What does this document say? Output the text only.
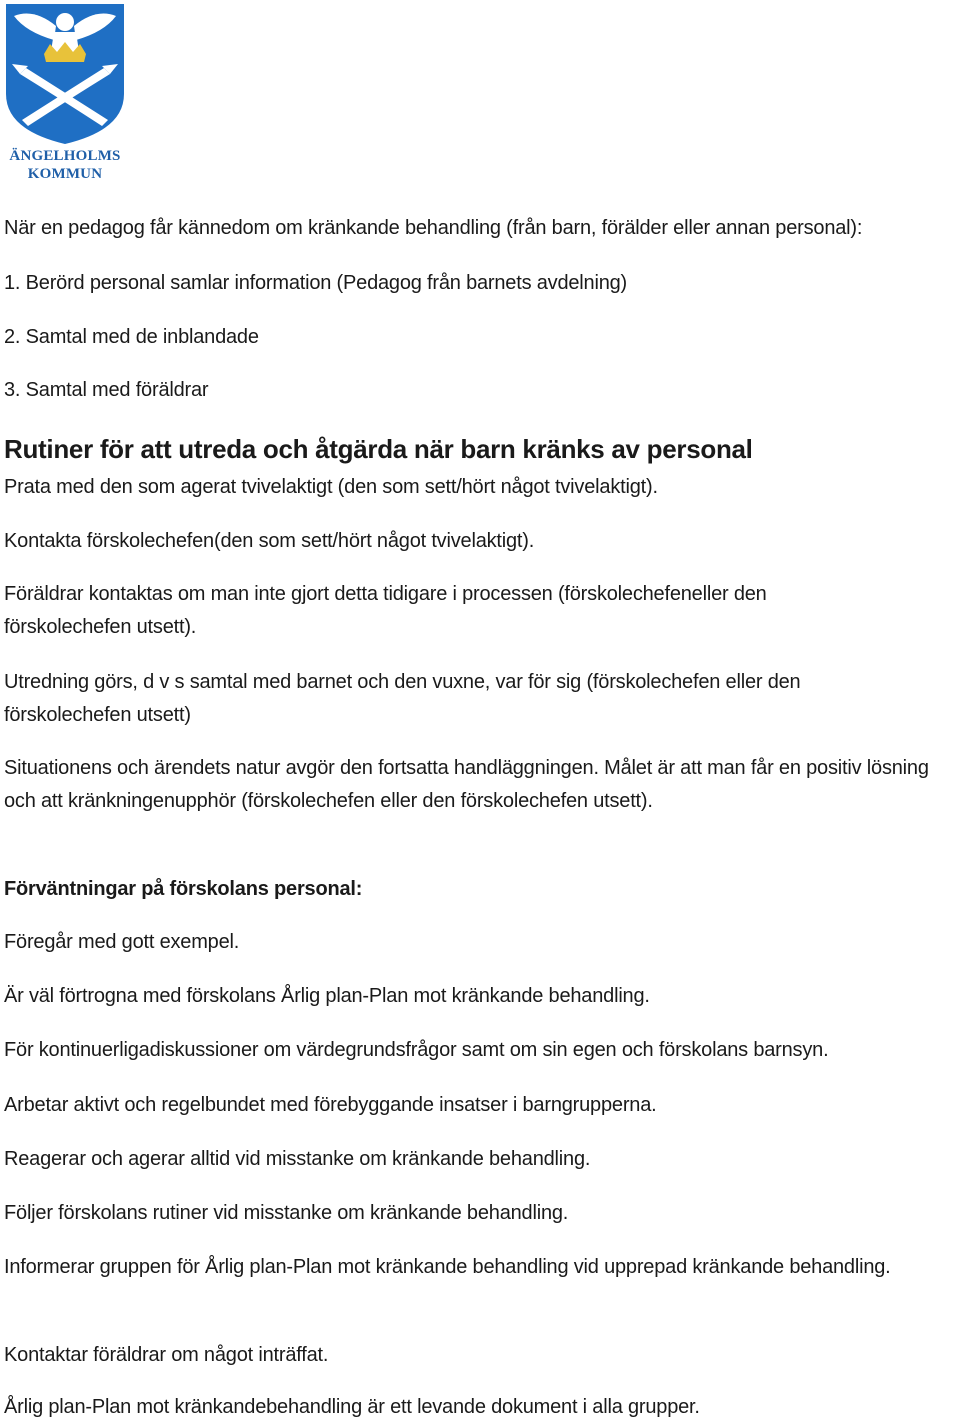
ÄNGELHOLMS
KOMMUN
När en pedagog får kännedom om kränkande behandling (från barn, förälder eller annan personal):
1. Berörd personal samlar information (Pedagog från barnets avdelning)
2. Samtal med de inblandade
3. Samtal med föräldrar
Rutiner för att utreda och åtgärda när barn kränks av personal
Prata med den som agerat tvivelaktigt (den som sett/hört något tvivelaktigt).
Kontakta förskolechefen(den som sett/hört något tvivelaktigt).
Föräldrar kontaktas om man inte gjort detta tidigare i processen (förskolechefeneller den förskolechefen utsett).
Utredning görs, d v s samtal med barnet och den vuxne, var för sig (förskolechefen eller den förskolechefen utsett)
Situationens och ärendets natur avgör den fortsatta handläggningen. Målet är att man får en positiv lösning och att kränkningenupphör (förskolechefen eller den förskolechefen utsett).
Förväntningar på förskolans personal:
Föregår med gott exempel.
Är väl förtrogna med förskolans Årlig plan-Plan mot kränkande behandling.
För kontinuerligadiskussioner om värdegrundsfrågor samt om sin egen och förskolans barnsyn.
Arbetar aktivt och regelbundet med förebyggande insatser i barngrupperna.
Reagerar och agerar alltid vid misstanke om kränkande behandling.
Följer förskolans rutiner vid misstanke om kränkande behandling.
Informerar gruppen för Årlig plan-Plan mot kränkande behandling vid upprepad kränkande behandling.
Kontaktar föräldrar om något inträffat.
Årlig plan-Plan mot kränkandebehandling är ett levande dokument i alla grupper.
